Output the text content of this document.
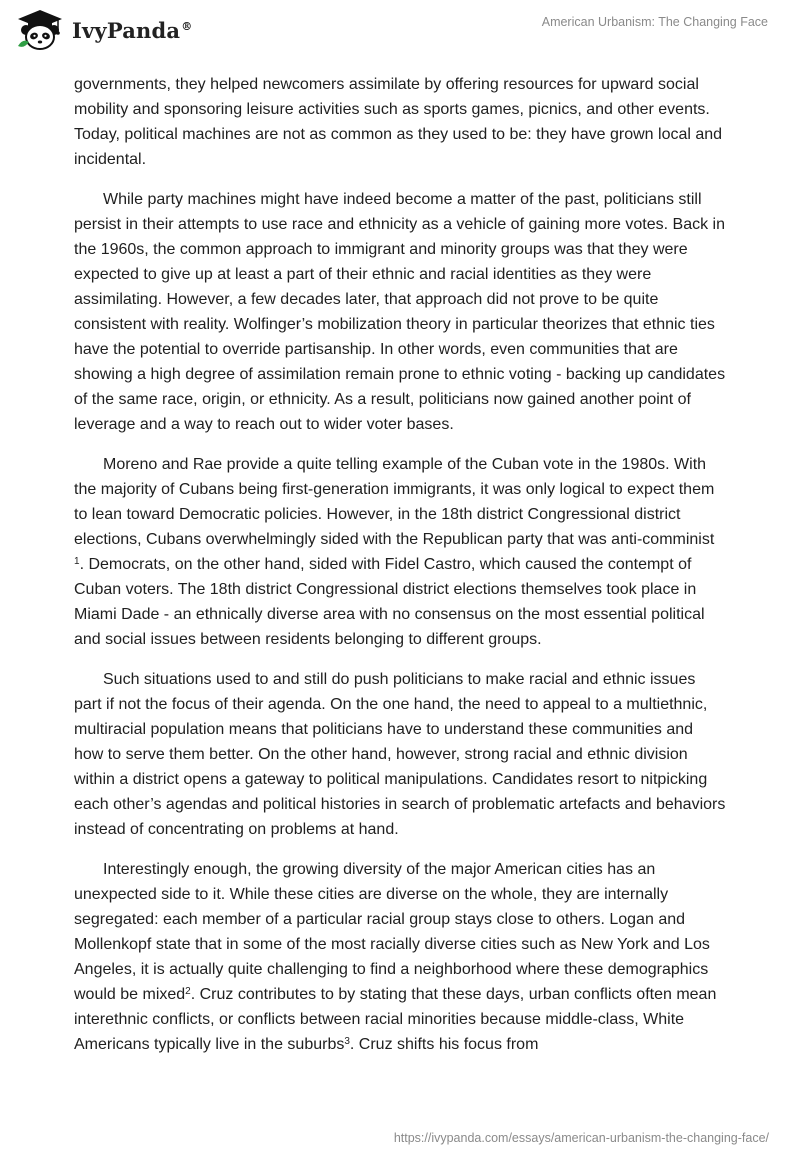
IvyPanda®	American Urbanism: The Changing Face

governments, they helped newcomers assimilate by offering resources for upward social mobility and sponsoring leisure activities such as sports games, picnics, and other events. Today, political machines are not as common as they used to be: they have grown local and incidental.

While party machines might have indeed become a matter of the past, politicians still persist in their attempts to use race and ethnicity as a vehicle of gaining more votes. Back in the 1960s, the common approach to immigrant and minority groups was that they were expected to give up at least a part of their ethnic and racial identities as they were assimilating. However, a few decades later, that approach did not prove to be quite consistent with reality. Wolfinger’s mobilization theory in particular theorizes that ethnic ties have the potential to override partisanship. In other words, even communities that are showing a high degree of assimilation remain prone to ethnic voting - backing up candidates of the same race, origin, or ethnicity. As a result, politicians now gained another point of leverage and a way to reach out to wider voter bases.

Moreno and Rae provide a quite telling example of the Cuban vote in the 1980s. With the majority of Cubans being first-generation immigrants, it was only logical to expect them to lean toward Democratic policies. However, in the 18th district Congressional district elections, Cubans overwhelmingly sided with the Republican party that was anti-comminist $^1$. Democrats, on the other hand, sided with Fidel Castro, which caused the contempt of Cuban voters. The 18th district Congressional district elections themselves took place in Miami Dade - an ethnically diverse area with no consensus on the most essential political and social issues between residents belonging to different groups.

Such situations used to and still do push politicians to make racial and ethnic issues part if not the focus of their agenda. On the one hand, the need to appeal to a multiethnic, multiracial population means that politicians have to understand these communities and how to serve them better. On the other hand, however, strong racial and ethnic division within a district opens a gateway to political manipulations. Candidates resort to nitpicking each other’s agendas and political histories in search of problematic artefacts and behaviors instead of concentrating on problems at hand.

Interestingly enough, the growing diversity of the major American cities has an unexpected side to it. While these cities are diverse on the whole, they are internally segregated: each member of a particular racial group stays close to others. Logan and Mollenkopf state that in some of the most racially diverse cities such as New York and Los Angeles, it is actually quite challenging to find a neighborhood where these demographics would be mixed$^2$. Cruz contributes to by stating that these days, urban conflicts often mean interethnic conflicts, or conflicts between racial minorities because middle-class, White Americans typically live in the suburbs$^3$. Cruz shifts his focus from

https://ivypanda.com/essays/american-urbanism-the-changing-face/
